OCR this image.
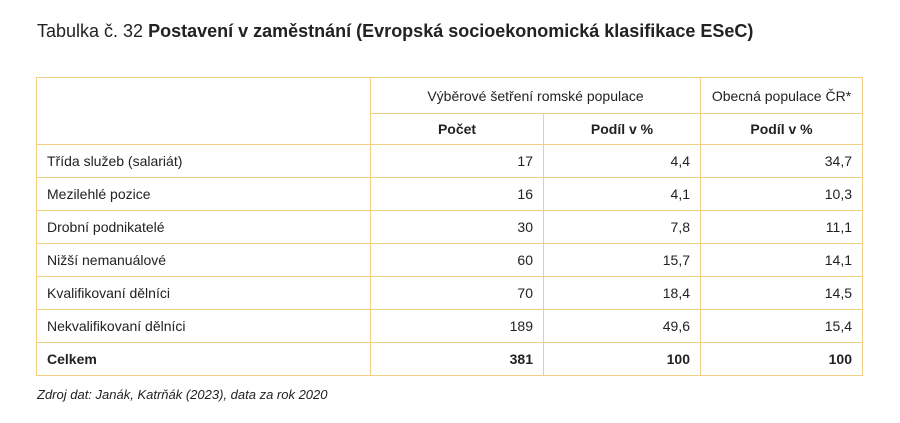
Tabulka č. 32 Postavení v zaměstnání (Evropská socioekonomická klasifikace ESeC)
	Výběrové šetření romské populace		Obecná populace ČR*
	Počet	Podíl v %	Podíl v %
Třída služeb (salariát)	17	4,4	34,7
Mezilehlé pozice	16	4,1	10,3
Drobní podnikatelé	30	7,8	11,1
Nižší nemanuálové	60	15,7	14,1
Kvalifikovaní dělníci	70	18,4	14,5
Nekvalifikovaní dělníci	189	49,6	15,4
Celkem	381	100	100
Zdroj dat: Janák, Katrňák (2023), data za rok 2020
